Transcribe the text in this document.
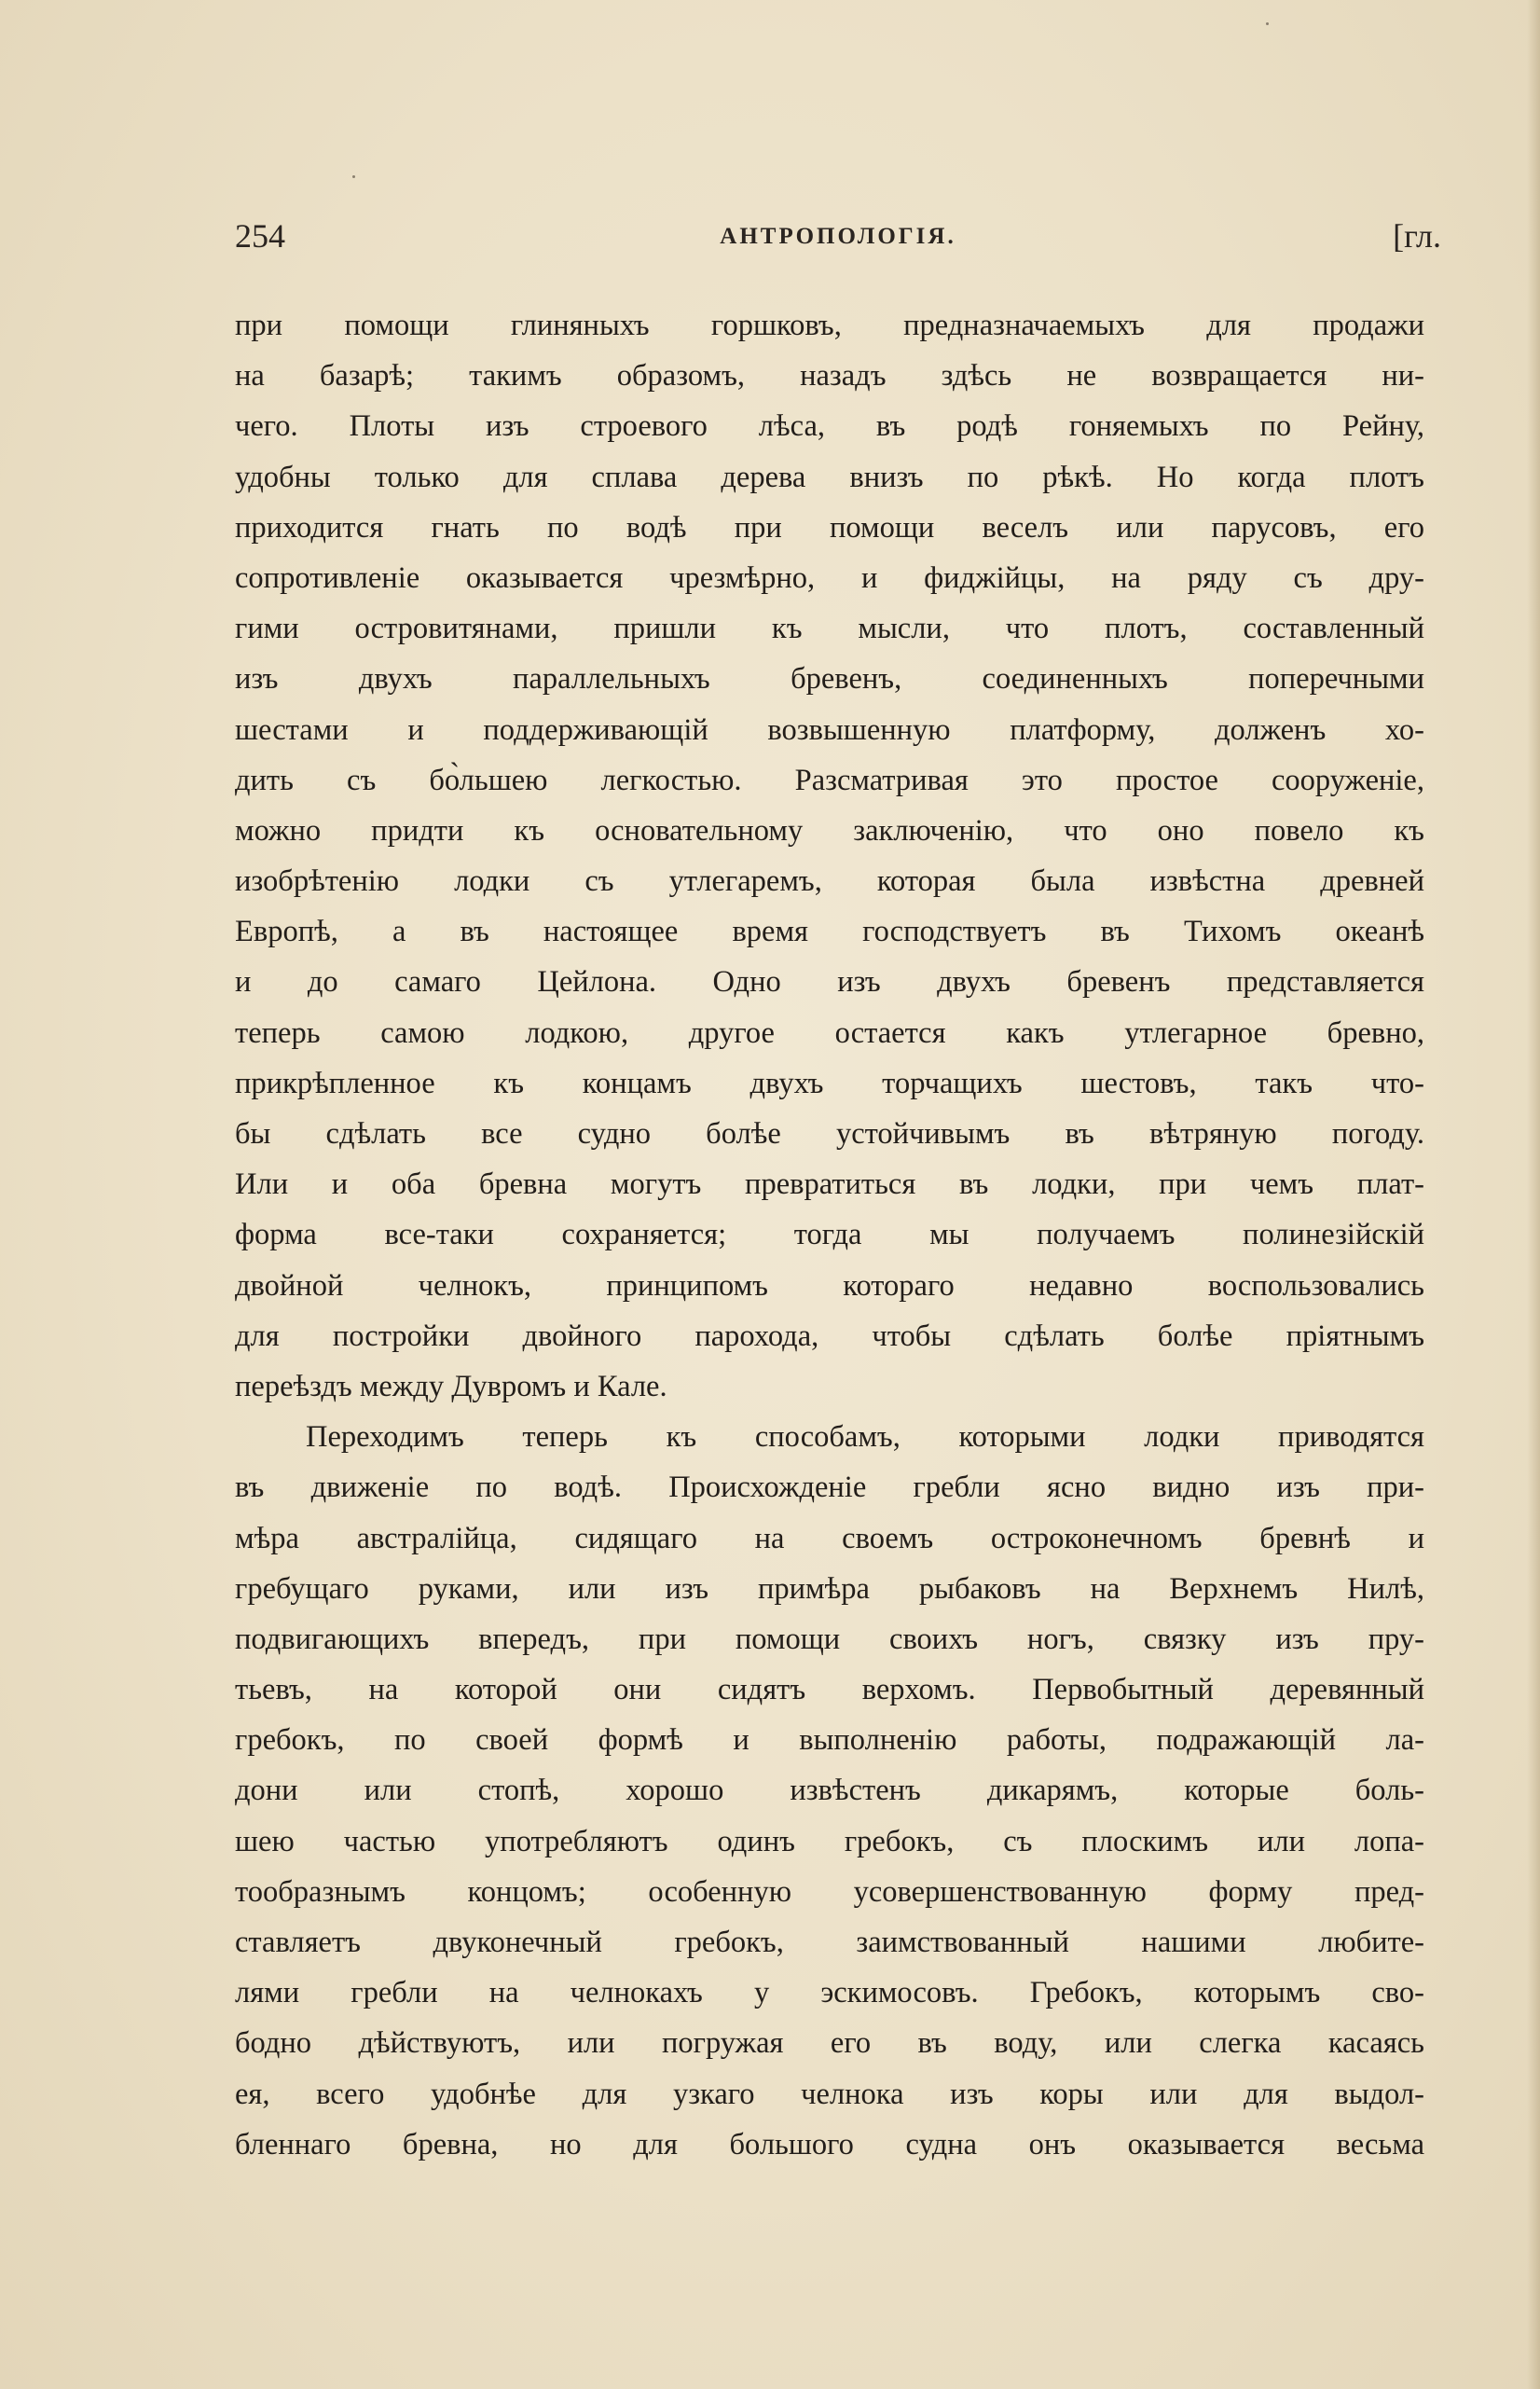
254	АНТРОПОЛОГІЯ.	[гл.
при помощи глиняныхъ горшковъ, предназначаемыхъ для продажи
на базарѣ; такимъ образомъ, назадъ здѣсь не возвращается ни-
чего. Плоты изъ строевого лѣса, въ родѣ гоняемыхъ по Рейну,
удобны только для сплава дерева внизъ по рѣкѣ. Но когда плотъ
приходится гнать по водѣ при помощи веселъ или парусовъ, его
сопротивленіе оказывается чрезмѣрно, и фиджійцы, на ряду съ дру-
гими островитянами, пришли къ мысли, что плотъ, составленный
изъ двухъ параллельныхъ бревенъ, соединенныхъ поперечными
шестами и поддерживающій возвышенную платформу, долженъ хо-
дить съ бо̀льшею легкостью. Разсматривая это простое сооруженіе,
можно придти къ основательному заключенію, что оно повело къ
изобрѣтенію лодки съ утлегаремъ, которая была извѣстна древней
Европѣ, а въ настоящее время господствуетъ въ Тихомъ океанѣ
и до самаго Цейлона. Одно изъ двухъ бревенъ представляется
теперь самою лодкою, другое остается какъ утлегарное бревно,
прикрѣпленное къ концамъ двухъ торчащихъ шестовъ, такъ что-
бы сдѣлать все судно болѣе устойчивымъ въ вѣтряную погоду.
Или и оба бревна могутъ превратиться въ лодки, при чемъ плат-
форма все-таки сохраняется; тогда мы получаемъ полинезійскій
двойной челнокъ, принципомъ котораго недавно воспользовались
для постройки двойного парохода, чтобы сдѣлать болѣе пріятнымъ
переѣздъ между Дувромъ и Кале.
Переходимъ теперь къ способамъ, которыми лодки приводятся
въ движеніе по водѣ. Происхожденіе гребли ясно видно изъ при-
мѣра австралійца, сидящаго на своемъ остроконечномъ бревнѣ и
гребущаго руками, или изъ примѣра рыбаковъ на Верхнемъ Нилѣ,
подвигающихъ впередъ, при помощи своихъ ногъ, связку изъ пру-
тьевъ, на которой они сидятъ верхомъ. Первобытный деревянный
гребокъ, по своей формѣ и выполненію работы, подражающій ла-
дони или стопѣ, хорошо извѣстенъ дикарямъ, которые боль-
шею частью употребляютъ одинъ гребокъ, съ плоскимъ или лопа-
тообразнымъ концомъ; особенную усовершенствованную форму пред-
ставляетъ двуконечный гребокъ, заимствованный нашими любите-
лями гребли на челнокахъ у эскимосовъ. Гребокъ, которымъ сво-
бодно дѣйствуютъ, или погружая его въ воду, или слегка касаясь
ея, всего удобнѣе для узкаго челнока изъ коры или для выдол-
бленнаго бревна, но для большого судна онъ оказывается весьма
